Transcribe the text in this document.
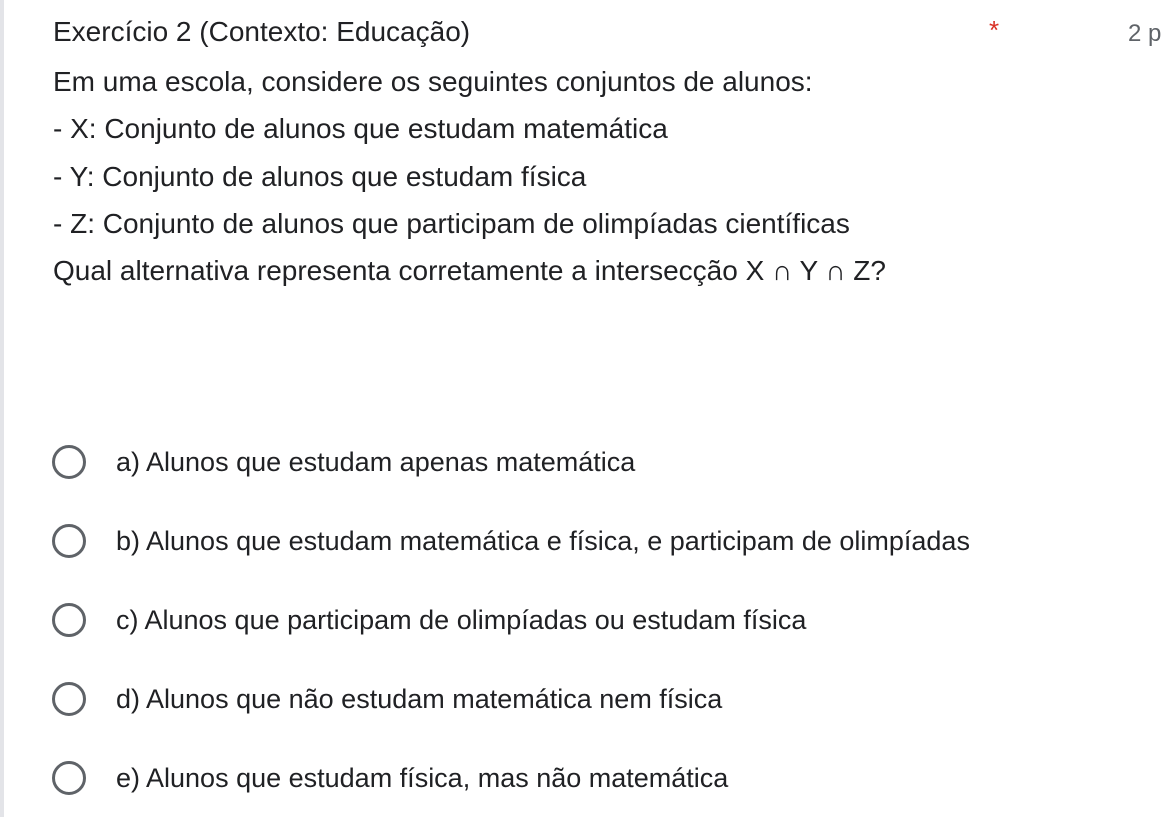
Exercício 2 (Contexto: Educação)	*	2 p
Em uma escola, considere os seguintes conjuntos de alunos:
- X: Conjunto de alunos que estudam matemática
- Y: Conjunto de alunos que estudam física
- Z: Conjunto de alunos que participam de olimpíadas científicas
Qual alternativa representa corretamente a intersecção X ∩ Y ∩ Z?
a) Alunos que estudam apenas matemática
b) Alunos que estudam matemática e física, e participam de olimpíadas
c) Alunos que participam de olimpíadas ou estudam física
d) Alunos que não estudam matemática nem física
e) Alunos que estudam física, mas não matemática
